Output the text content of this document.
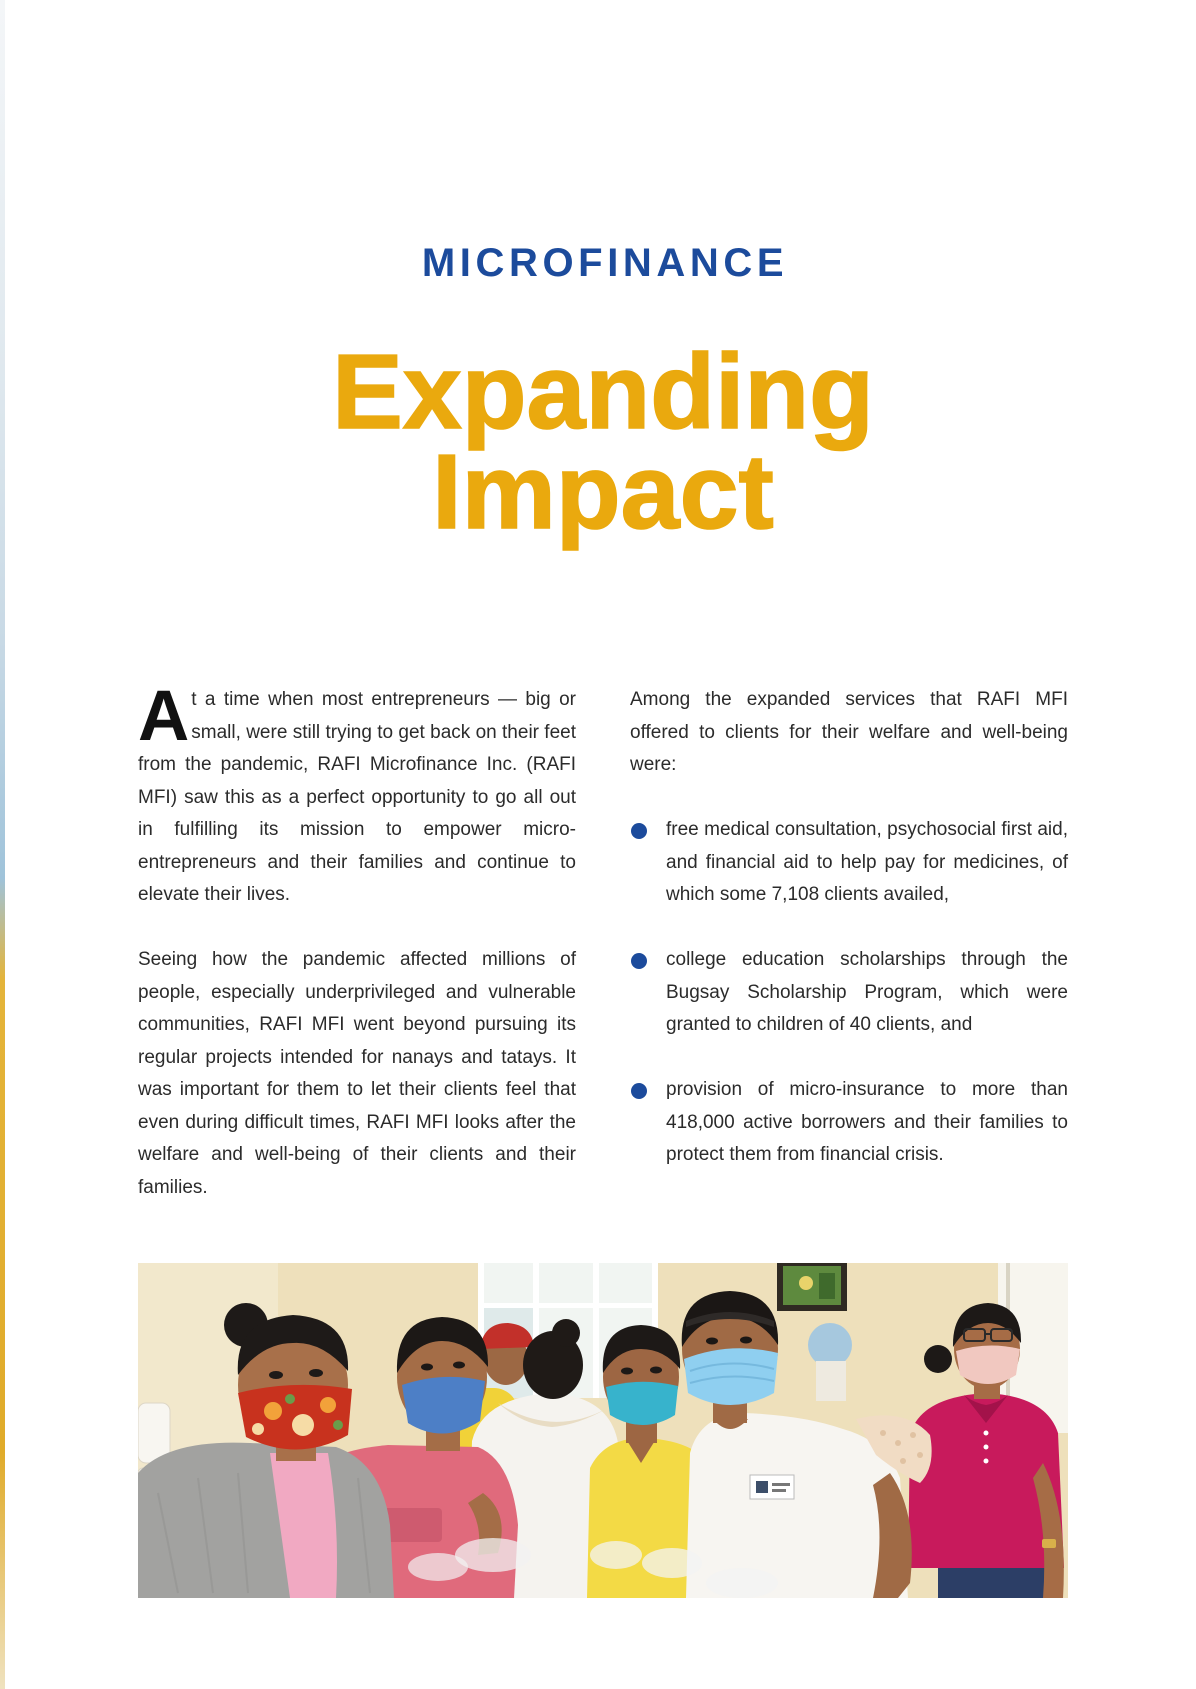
MICROFINANCE
Expanding
Impact

At a time when most entrepreneurs — big or small, were still trying to get back on their feet from the pandemic, RAFI Microfinance Inc. (RAFI MFI) saw this as a perfect opportunity to go all out in fulfilling its mission to empower micro-entrepreneurs and their families and continue to elevate their lives.

Seeing how the pandemic affected millions of people, especially underprivileged and vulnerable communities, RAFI MFI went beyond pursuing its regular projects intended for nanays and tatays. It was important for them to let their clients feel that even during difficult times, RAFI MFI looks after the welfare and well-being of their clients and their families.

Among the expanded services that RAFI MFI offered to clients for their welfare and well-being were:

free medical consultation, psychosocial first aid, and financial aid to help pay for medicines, of which some 7,108 clients availed,
college education scholarships through the Bugsay Scholarship Program, which were granted to children of 40 clients, and
provision of micro-insurance to more than 418,000 active borrowers and their families to protect them from financial crisis.
